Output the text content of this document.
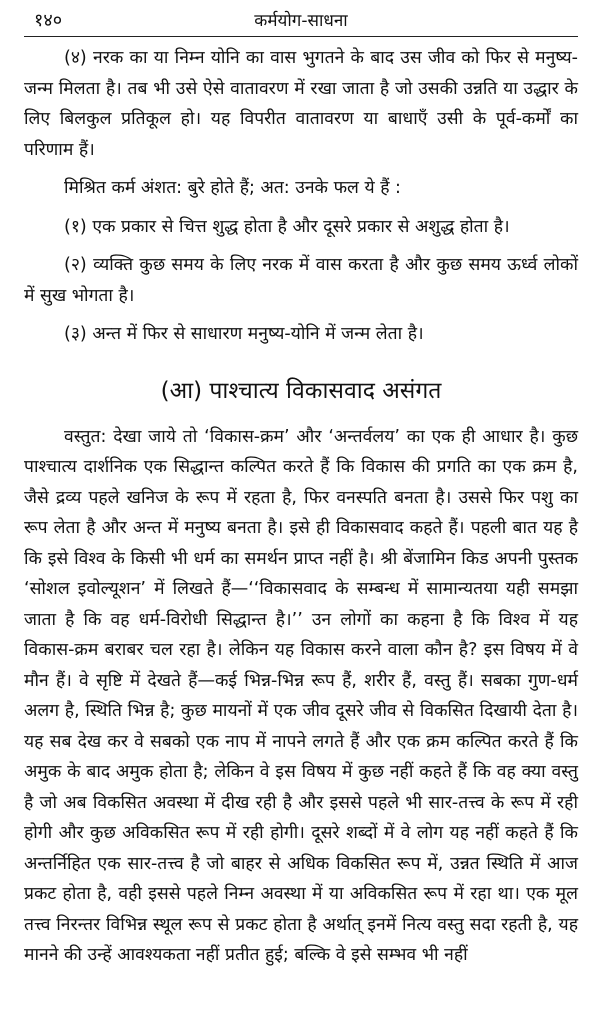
१४०	कर्मयोग-साधना

(४) नरक का या निम्न योनि का वास भुगतने के बाद उस जीव को फिर से मनुष्य-जन्म मिलता है। तब भी उसे ऐसे वातावरण में रखा जाता है जो उसकी उन्नति या उद्धार के लिए बिलकुल प्रतिकूल हो। यह विपरीत वातावरण या बाधाएँ उसी के पूर्व-कर्मों का परिणाम हैं।

मिश्रित कर्म अंशत: बुरे होते हैं; अत: उनके फल ये हैं :

(१) एक प्रकार से चित्त शुद्ध होता है और दूसरे प्रकार से अशुद्ध होता है।

(२) व्यक्ति कुछ समय के लिए नरक में वास करता है और कुछ समय ऊर्ध्व लोकों में सुख भोगता है।

(३) अन्त में फिर से साधारण मनुष्य-योनि में जन्म लेता है।

(आ) पाश्चात्य विकासवाद असंगत

वस्तुत: देखा जाये तो ‘विकास-क्रम’ और ‘अन्तर्वलय’ का एक ही आधार है। कुछ पाश्चात्य दार्शनिक एक सिद्धान्त कल्पित करते हैं कि विकास की प्रगति का एक क्रम है, जैसे द्रव्य पहले खनिज के रूप में रहता है, फिर वनस्पति बनता है। उससे फिर पशु का रूप लेता है और अन्त में मनुष्य बनता है। इसे ही विकासवाद कहते हैं। पहली बात यह है कि इसे विश्व के किसी भी धर्म का समर्थन प्राप्त नहीं है। श्री बेंजामिन किड अपनी पुस्तक ‘सोशल इवोल्यूशन’ में लिखते हैं—‘‘विकासवाद के सम्बन्ध में सामान्यतया यही समझा जाता है कि वह धर्म-विरोधी सिद्धान्त है।’’ उन लोगों का कहना है कि विश्व में यह विकास-क्रम बराबर चल रहा है। लेकिन यह विकास करने वाला कौन है? इस विषय में वे मौन हैं। वे सृष्टि में देखते हैं—कई भिन्न-भिन्न रूप हैं, शरीर हैं, वस्तु हैं। सबका गुण-धर्म अलग है, स्थिति भिन्न है; कुछ मायनों में एक जीव दूसरे जीव से विकसित दिखायी देता है। यह सब देख कर वे सबको एक नाप में नापने लगते हैं और एक क्रम कल्पित करते हैं कि अमुक के बाद अमुक होता है; लेकिन वे इस विषय में कुछ नहीं कहते हैं कि वह क्या वस्तु है जो अब विकसित अवस्था में दीख रही है और इससे पहले भी सार-तत्त्व के रूप में रही होगी और कुछ अविकसित रूप में रही होगी। दूसरे शब्दों में वे लोग यह नहीं कहते हैं कि अन्तर्निहित एक सार-तत्त्व है जो बाहर से अधिक विकसित रूप में, उन्नत स्थिति में आज प्रकट होता है, वही इससे पहले निम्न अवस्था में या अविकसित रूप में रहा था। एक मूल तत्त्व निरन्तर विभिन्न स्थूल रूप से प्रकट होता है अर्थात् इनमें नित्य वस्तु सदा रहती है, यह मानने की उन्हें आवश्यकता नहीं प्रतीत हुई; बल्कि वे इसे सम्भव भी नहीं
